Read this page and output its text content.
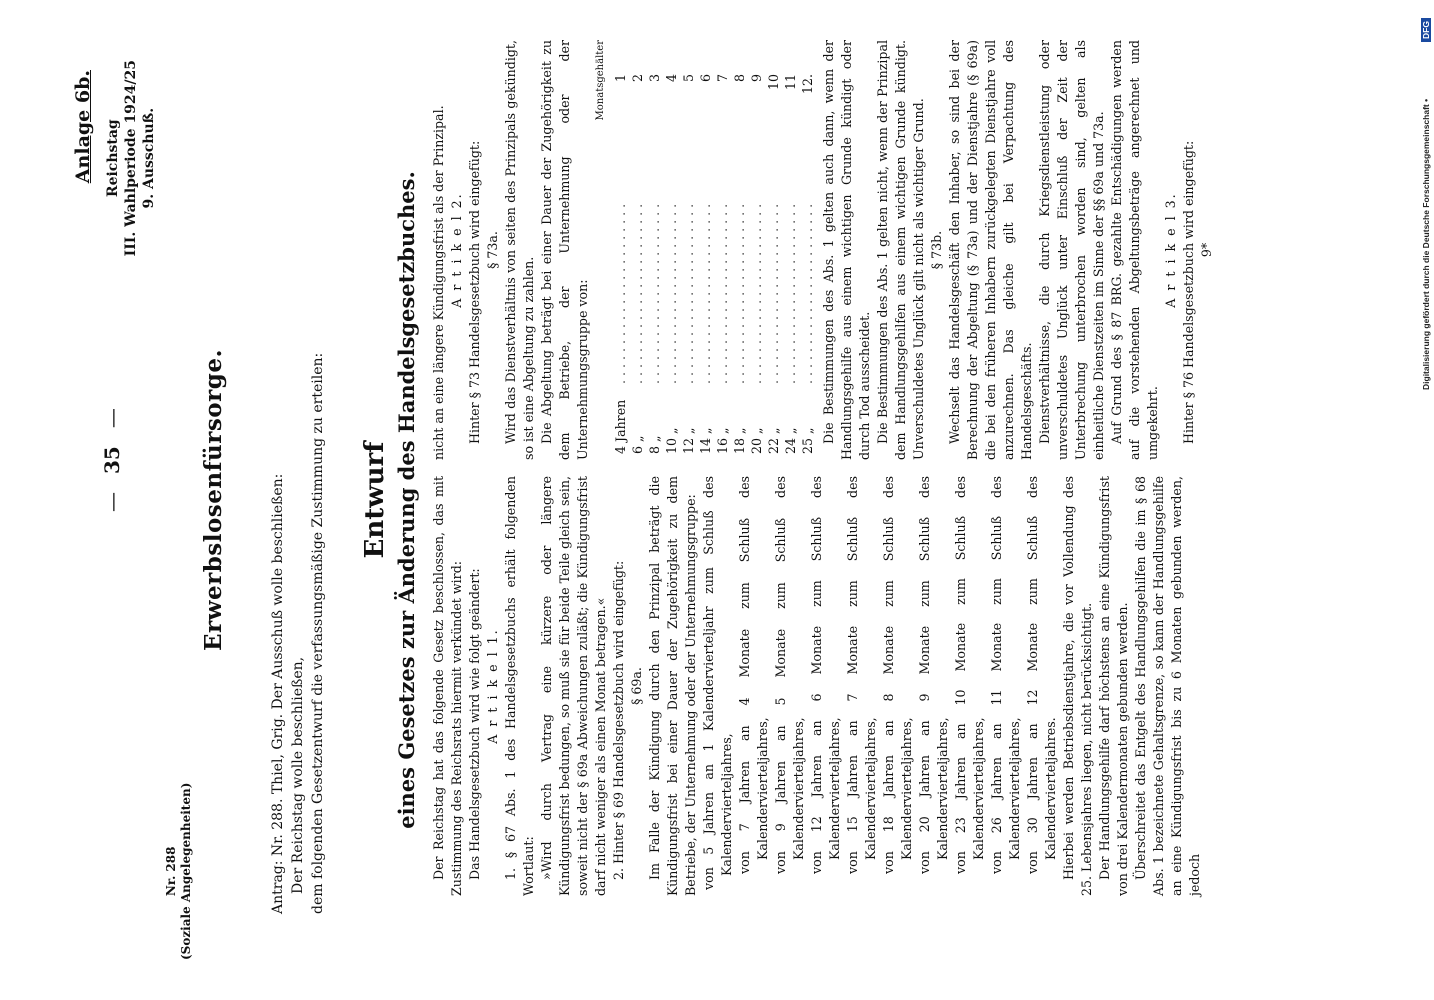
—35—
Nr. 288 (Soziale Angelegenheiten)
Anlage 6b. Reichstag III. Wahlperiode 1924/25 9. Ausschuß.
Erwerbslosenfürsorge.	Antrag: Nr. 288. Thiel, Grig. Der Ausschuß wolle beschließen: Der Reichstag wolle beschließen, dem folgenden Gesetzentwurf die verfassungsmäßige Zustimmung zu erteilen: Entwurf eines Gesetzes zur Änderung des Handelsgesetzbuches. Der Reichstag hat das folgende Gesetz beschlossen, das mit Zustimmung des Reichsrats hiermit verkündet wird: Das Handelsgesetzbuch wird wie folgt geändert: A r t i k e l 1. 1. § 67 Abs. 1 des Handelsgesetzbuchs erhält folgenden Wortlaut: »Wird durch Vertrag eine kürzere oder längere Kündigungsfrist bedungen, so muß sie für beide Teile gleich sein, soweit nicht der § 69a Abweichungen zuläßt; die Kündigungsfrist darf nicht weniger als einen Monat betragen.« 2. Hinter § 69 Handelsgesetzbuch wird eingefügt: § 69a. Im Falle der Kündigung durch den Prinzipal beträgt die Kündigungsfrist bei einer Dauer der Zugehörigkeit zu dem Betriebe, der Unternehmung oder der Unternehmungsgruppe: von 5 Jahren an 1 Kalendervierteljahr zum Schluß des Kalendervierteljahres, von 7 Jahren an 4 Monate zum Schluß des Kalendervierteljahres, von 9 Jahren an 5 Monate zum Schluß des Kalendervierteljahres, von 12 Jahren an 6 Monate zum Schluß des Kalendervierteljahres, von 15 Jahren an 7 Monate zum Schluß des Kalendervierteljahres, von 18 Jahren an 8 Monate zum Schluß des Kalendervierteljahres, von 20 Jahren an 9 Monate zum Schluß des Kalendervierteljahres, von 23 Jahren an 10 Monate zum Schluß des Kalendervierteljahres, von 26 Jahren an 11 Monate zum Schluß des Kalendervierteljahres, von 30 Jahren an 12 Monate zum Schluß des Kalendervierteljahres. Hierbei werden Betriebsdienstjahre, die vor Vollendung des 25. Lebensjahres liegen, nicht berücksichtigt. Der Handlungsgehilfe darf höchstens an eine Kündigungsfrist von drei Kalendermonaten gebunden werden. Überschreitet das Entgelt des Handlungsgehilfen die im § 68 Abs. 1 bezeichnete Gehaltsgrenze, so kann der Handlungsgehilfe an eine Kündigungsfrist bis zu 6 Monaten gebunden werden, jedoch

nicht an eine längere Kündigungsfrist als der Prinzipal. A r t i k e l 2. Hinter § 73 Handelsgesetzbuch wird eingefügt: § 73a. Wird das Dienstverhältnis von seiten des Prinzipals gekündigt, so ist eine Abgeltung zu zahlen. Die Abgeltung beträgt bei einer Dauer der Zugehörigkeit zu dem Betriebe, der Unternehmung oder der Unternehmungsgruppe von:

Monatsgehälter
4 Jahren	. . . . . . . . . . . . . . . . . . . . . . .	1
6 „	. . . . . . . . . . . . . . . . . . . . . . .	2
8 „	. . . . . . . . . . . . . . . . . . . . . . .	3
10 „	. . . . . . . . . . . . . . . . . . . . . . .	4
12 „	. . . . . . . . . . . . . . . . . . . . . . .	5
14 „	. . . . . . . . . . . . . . . . . . . . . . .	6
16 „	. . . . . . . . . . . . . . . . . . . . . . .	7
18 „	. . . . . . . . . . . . . . . . . . . . . . .	8
20 „	. . . . . . . . . . . . . . . . . . . . . . .	9
22 „	. . . . . . . . . . . . . . . . . . . . . . .	10
24 „	. . . . . . . . . . . . . . . . . . . . . . .	11
25 „	. . . . . . . . . . . . . . . . . . . . . . .	12. Die Bestimmungen des Abs. 1 gelten auch dann, wenn der Handlungsgehilfe aus einem wichtigen Grunde kündigt oder durch Tod ausscheidet. Die Bestimmungen des Abs. 1 gelten nicht, wenn der Prinzipal dem Handlungsgehilfen aus einem wichtigen Grunde kündigt. Unverschuldetes Unglück gilt nicht als wichtiger Grund. § 73b. Wechselt das Handelsgeschäft den Inhaber, so sind bei der Berechnung der Abgeltung (§ 73a) und der Dienstjahre (§ 69a) die bei den früheren Inhabern zurückgelegten Dienstjahre voll anzurechnen. Das gleiche gilt bei Verpachtung des Handelsgeschäfts. Dienstverhältnisse, die durch Kriegsdienstleistung oder unverschuldetes Unglück unter Einschluß der Zeit der Unterbrechung unterbrochen worden sind, gelten als einheitliche Dienstzeiten im Sinne der §§ 69a und 73a. Auf Grund des § 87 BRG. gezahlte Entschädigungen werden auf die vorstehenden Abgeltungsbeträge angerechnet und umgekehrt.

A r t i k e l 3. Hinter § 76 Handelsgesetzbuch wird eingefügt: 9*	Digitalisierung gefördert durch die Deutsche Forschungsgemeinschaft •
DFG
